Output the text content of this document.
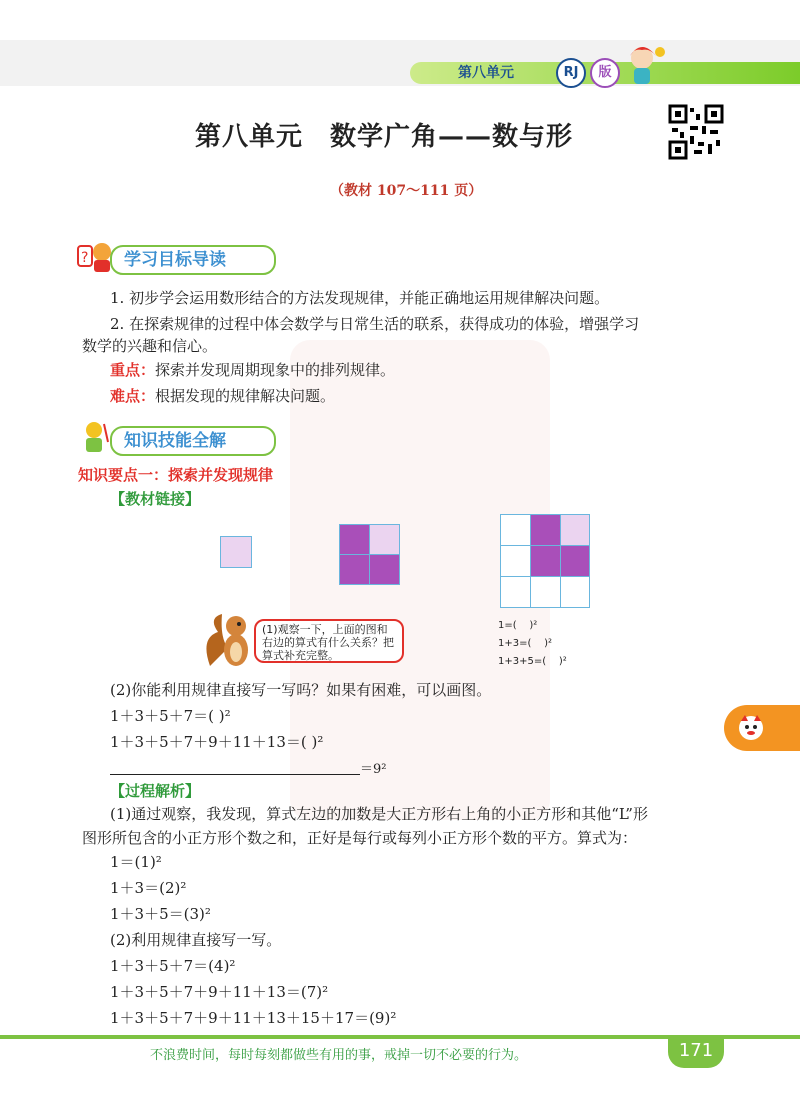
第八单元	RJ	版
第八单元　数学广角——数与形
（教材 107～111 页）
?	学习目标导读
1. 初步学会运用数形结合的方法发现规律，并能正确地运用规律解决问题。
2. 在探索规律的过程中体会数学与日常生活的联系，获得成功的体验，增强学习
数学的兴趣和信心。
重点：探索并发现周期现象中的排列规律。
难点：根据发现的规律解决问题。
知识技能全解
知识要点一：探索并发现规律
【教材链接】
1=(    )²
1+3=(    )²
1+3+5=(    )²
(1)观察一下，上面的图和右边的算式有什么关系？把算式补充完整。
(2)你能利用规律直接写一写吗？如果有困难，可以画图。
1＋3＋5＋7＝( )²
1＋3＋5＋7＋9＋11＋13＝( )²
＝9²
【过程解析】
(1)通过观察，我发现，算式左边的加数是大正方形右上角的小正方形和其他“L”形
图形所包含的小正方形个数之和，正好是每行或每列小正方形个数的平方。算式为：
1＝(1)²
1＋3＝(2)²
1＋3＋5＝(3)²
(2)利用规律直接写一写。
1＋3＋5＋7＝(4)²
1＋3＋5＋7＋9＋11＋13＝(7)²
1＋3＋5＋7＋9＋11＋13＋15＋17＝(9)²
不浪费时间，每时每刻都做些有用的事，戒掉一切不必要的行为。	171
